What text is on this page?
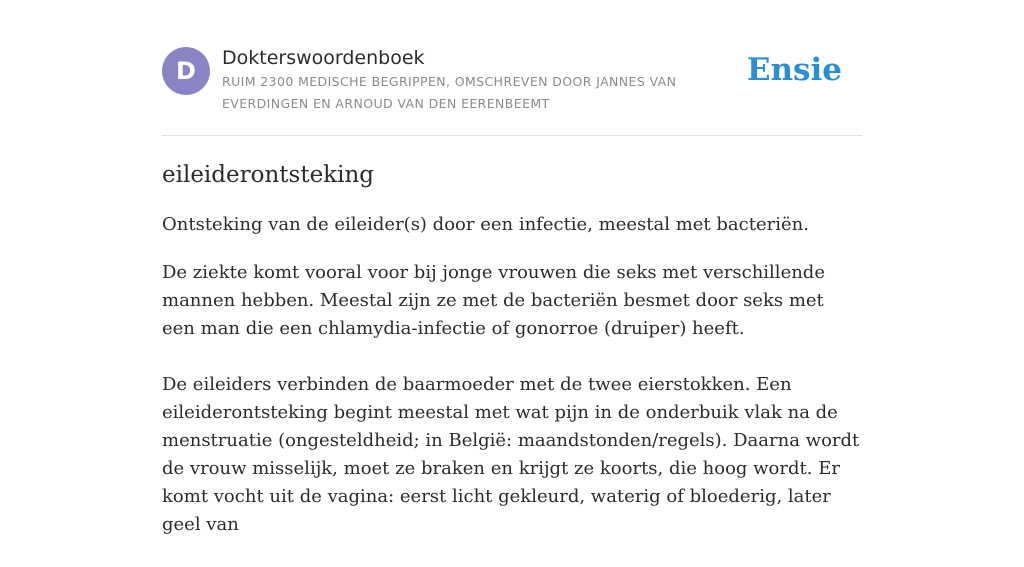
D Dokterswoordenboek
RUIM 2300 MEDISCHE BEGRIPPEN, OMSCHREVEN DOOR JANNES VAN EVERDINGEN EN ARNOUD VAN DEN EERENBEEMT
Ensie
eileiderontsteking
Ontsteking van de eileider(s) door een infectie, meestal met bacteriën.

De ziekte komt vooral voor bij jonge vrouwen die seks met verschillende mannen hebben. Meestal zijn ze met de bacteriën besmet door seks met een man die een chlamydia-infectie of gonorroe (druiper) heeft.

De eileiders verbinden de baarmoeder met de twee eierstokken. Een eileiderontsteking begint meestal met wat pijn in de onderbuik vlak na de menstruatie (ongesteldheid; in België: maandstonden/regels). Daarna wordt de vrouw misselijk, moet ze braken en krijgt ze koorts, die hoog wordt. Er komt vocht uit de vagina: eerst licht gekleurd, waterig of bloederig, later geel van
